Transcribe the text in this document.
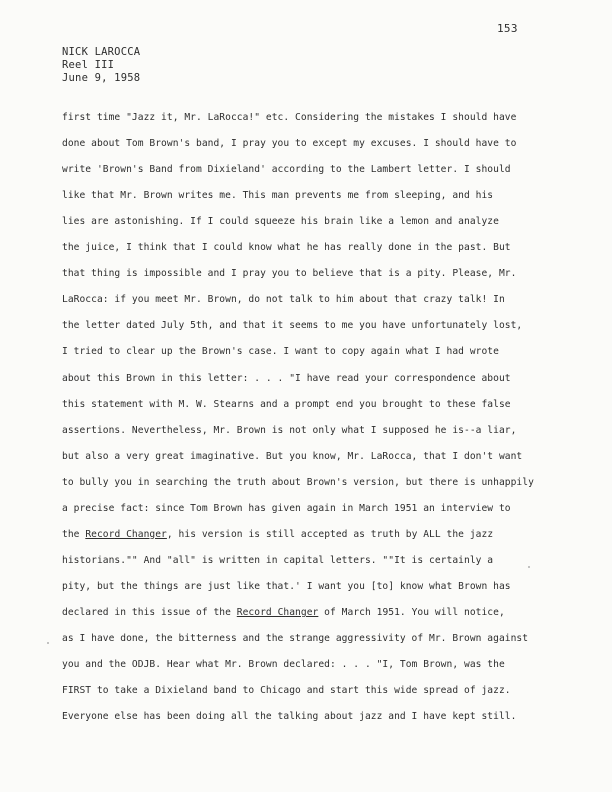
153
NICK LAROCCA
Reel III
June 9, 1958
first time "Jazz it, Mr. LaRocca!" etc. Considering the mistakes I should have
done about Tom Brown's band, I pray you to except my excuses. I should have to
write 'Brown's Band from Dixieland' according to the Lambert letter. I should
like that Mr. Brown writes me. This man prevents me from sleeping, and his
lies are astonishing. If I could squeeze his brain like a lemon and analyze
the juice, I think that I could know what he has really done in the past. But
that thing is impossible and I pray you to believe that is a pity. Please, Mr.
LaRocca: if you meet Mr. Brown, do not talk to him about that crazy talk! In
the letter dated July 5th, and that it seems to me you have unfortunately lost,
I tried to clear up the Brown's case. I want to copy again what I had wrote
about this Brown in this letter: . . . "I have read your correspondence about
this statement with M. W. Stearns and a prompt end you brought to these false
assertions. Nevertheless, Mr. Brown is not only what I supposed he is--a liar,
but also a very great imaginative. But you know, Mr. LaRocca, that I don't want
to bully you in searching the truth about Brown's version, but there is unhappily
a precise fact: since Tom Brown has given again in March 1951 an interview to
the Record Changer, his version is still accepted as truth by ALL the jazz
historians."" And "all" is written in capital letters. ""It is certainly a
pity, but the things are just like that.' I want you [to] know what Brown has
declared in this issue of the Record Changer of March 1951. You will notice,
as I have done, the bitterness and the strange aggressivity of Mr. Brown against
you and the ODJB. Hear what Mr. Brown declared: . . . "I, Tom Brown, was the
FIRST to take a Dixieland band to Chicago and start this wide spread of jazz.
Everyone else has been doing all the talking about jazz and I have kept still.
